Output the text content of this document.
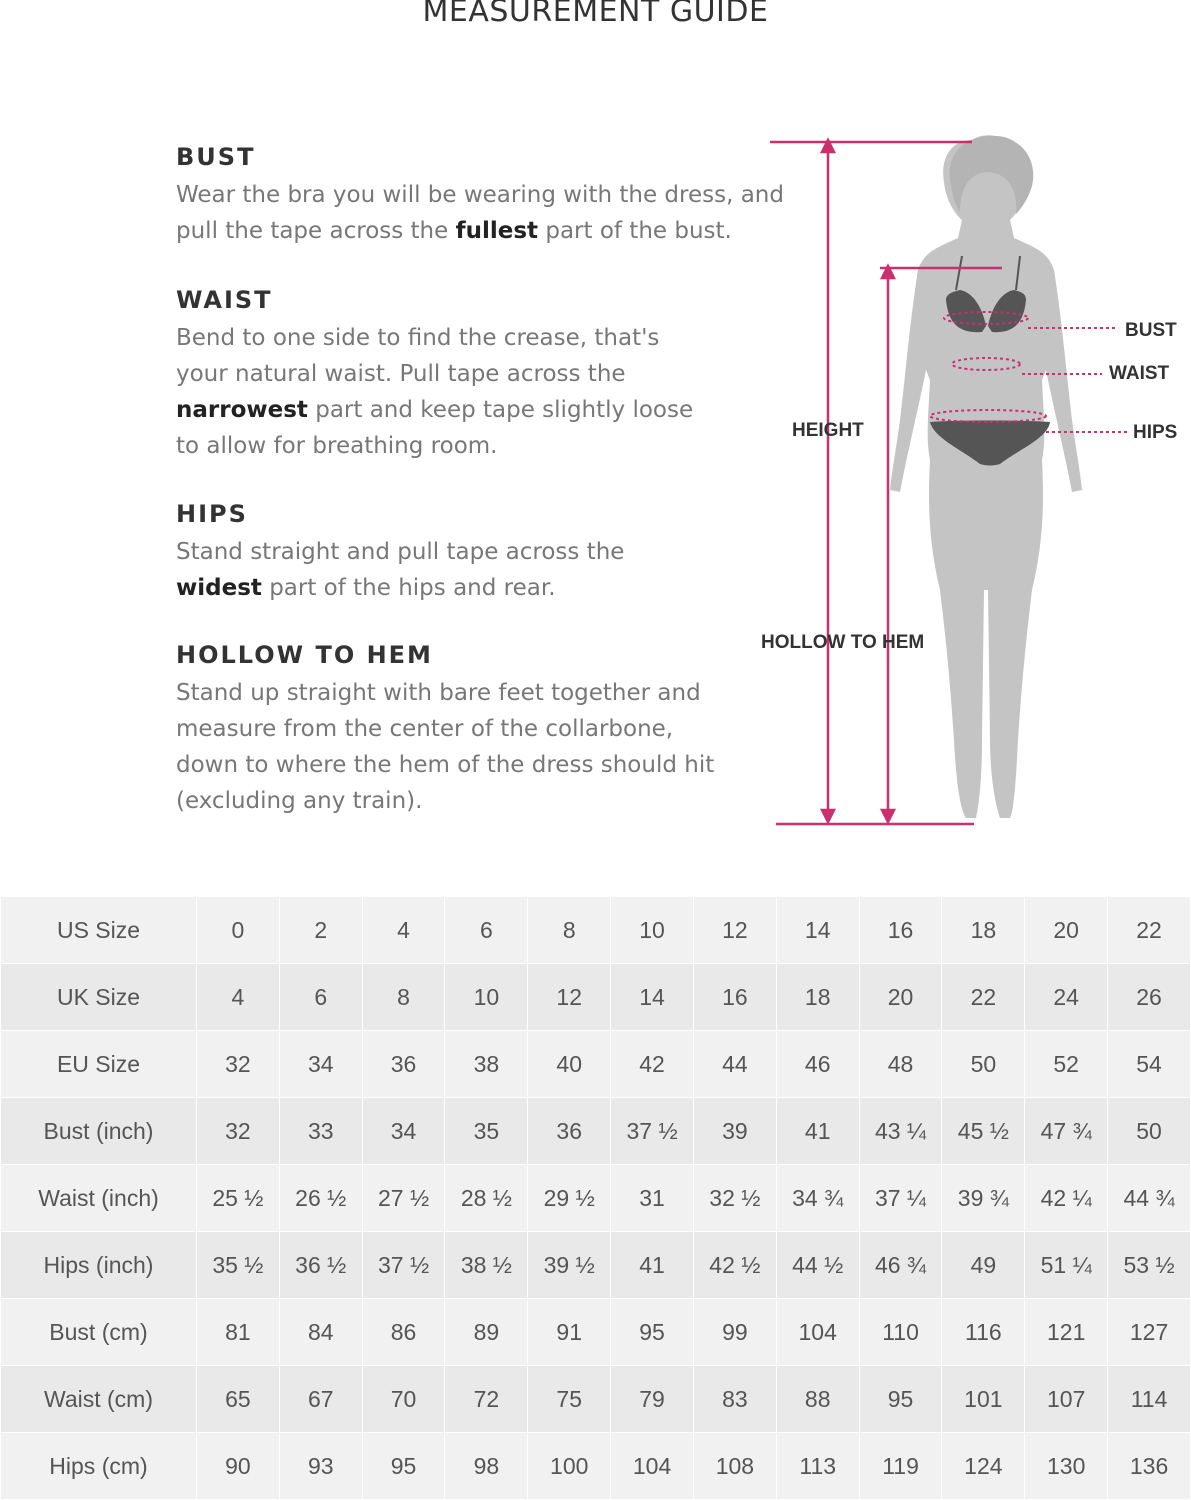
MEASUREMENT GUIDE
BUST

Wear the bra you will be wearing with the dress, and pull the tape across the fullest part of the bust.

WAIST

Bend to one side to find the crease, that's your natural waist. Pull tape across the narrowest part and keep tape slightly loose to allow for breathing room.

HIPS

Stand straight and pull tape across the widest part of the hips and rear.

HOLLOW TO HEM

Stand up straight with bare feet together and measure from the center of the collarbone, down to where the hem of the dress should hit (excluding any train).

HEIGHT
HOLLOW TO HEM
BUST
WAIST
HIPS
US Size	0	2	4	6	8	10	12	14	16	18	20	22
UK Size	4	6	8	10	12	14	16	18	20	22	24	26
EU Size	32	34	36	38	40	42	44	46	48	50	52	54
Bust (inch)	32	33	34	35	36	37 ½	39	41	43 ¼	45 ½	47 ¾	50
Waist (inch)	25 ½	26 ½	27 ½	28 ½	29 ½	31	32 ½	34 ¾	37 ¼	39 ¾	42 ¼	44 ¾
Hips (inch)	35 ½	36 ½	37 ½	38 ½	39 ½	41	42 ½	44 ½	46 ¾	49	51 ¼	53 ½
Bust (cm)	81	84	86	89	91	95	99	104	110	116	121	127
Waist (cm)	65	67	70	72	75	79	83	88	95	101	107	114
Hips (cm)	90	93	95	98	100	104	108	113	119	124	130	136
